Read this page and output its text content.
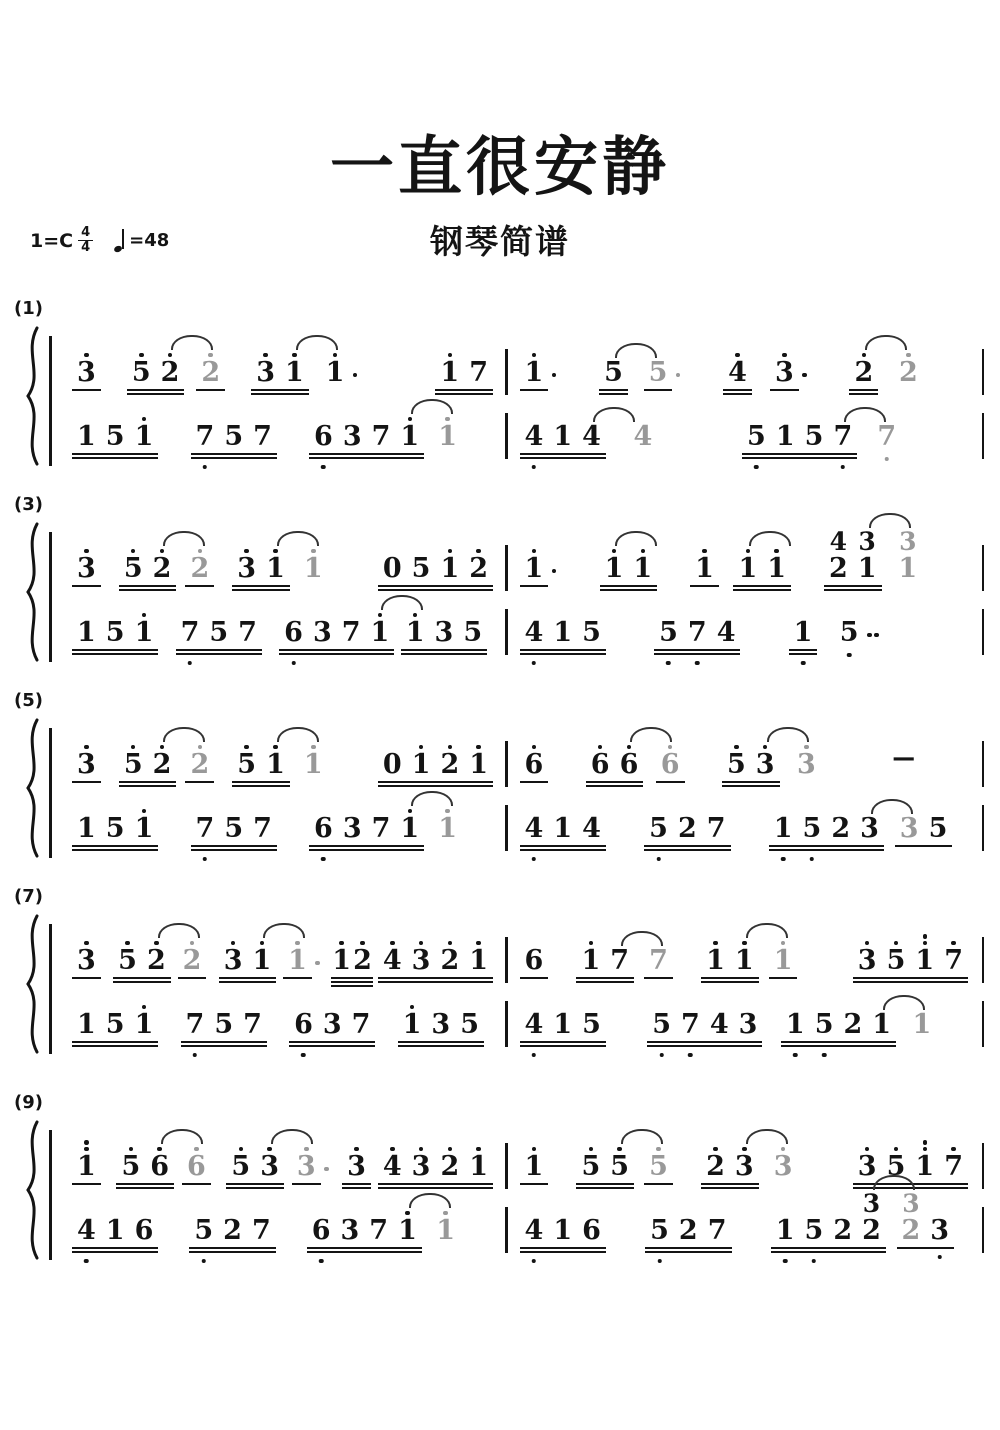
一直很安静
钢琴简谱
$1=C \frac{4}{4} =48$
(1)
3 5 2 2 3 1 1	1 7 1 5 5 4 3 2 2
1 5 1 7 5 7 6 3 7 1 1 4 1 4 4	5 1 5 7 7
(3)
3 5 2 2 3 1 1 0 5 1 2 1 1 1 1 1 1
4
2
3
1
3
1
1 5 1 7 5 7 6 3 7 1 1 3 5 4 1 5 5 7 4 1 5
(5)
3 5 2 2 5 1 1 0 1 2 1 6 6 6 6 5 3 3	–
1 5 1 7 5 7 6 3 7 1 1 4 1 4 5 2 7 1 5 2 3 3 5
(7)
3 5 2 2 3 1 1 1 2 4 3 2 1 6 1 7 7 1 1 1 3 5 1 7
1 5 1 7 5 7 6 3 7 1 3 5 4 1 5 5 7 4 3 1 5 2 1 1
(9)
1 5 6 6 5 3 3 3 4 3 2 1 1 5 5 5 2 3 3 3 5 1 7
4 1 6 5 2 7 6 3 7 1 1	4 1 6 5 2 7 1 5 2
3
2
3
2 3
